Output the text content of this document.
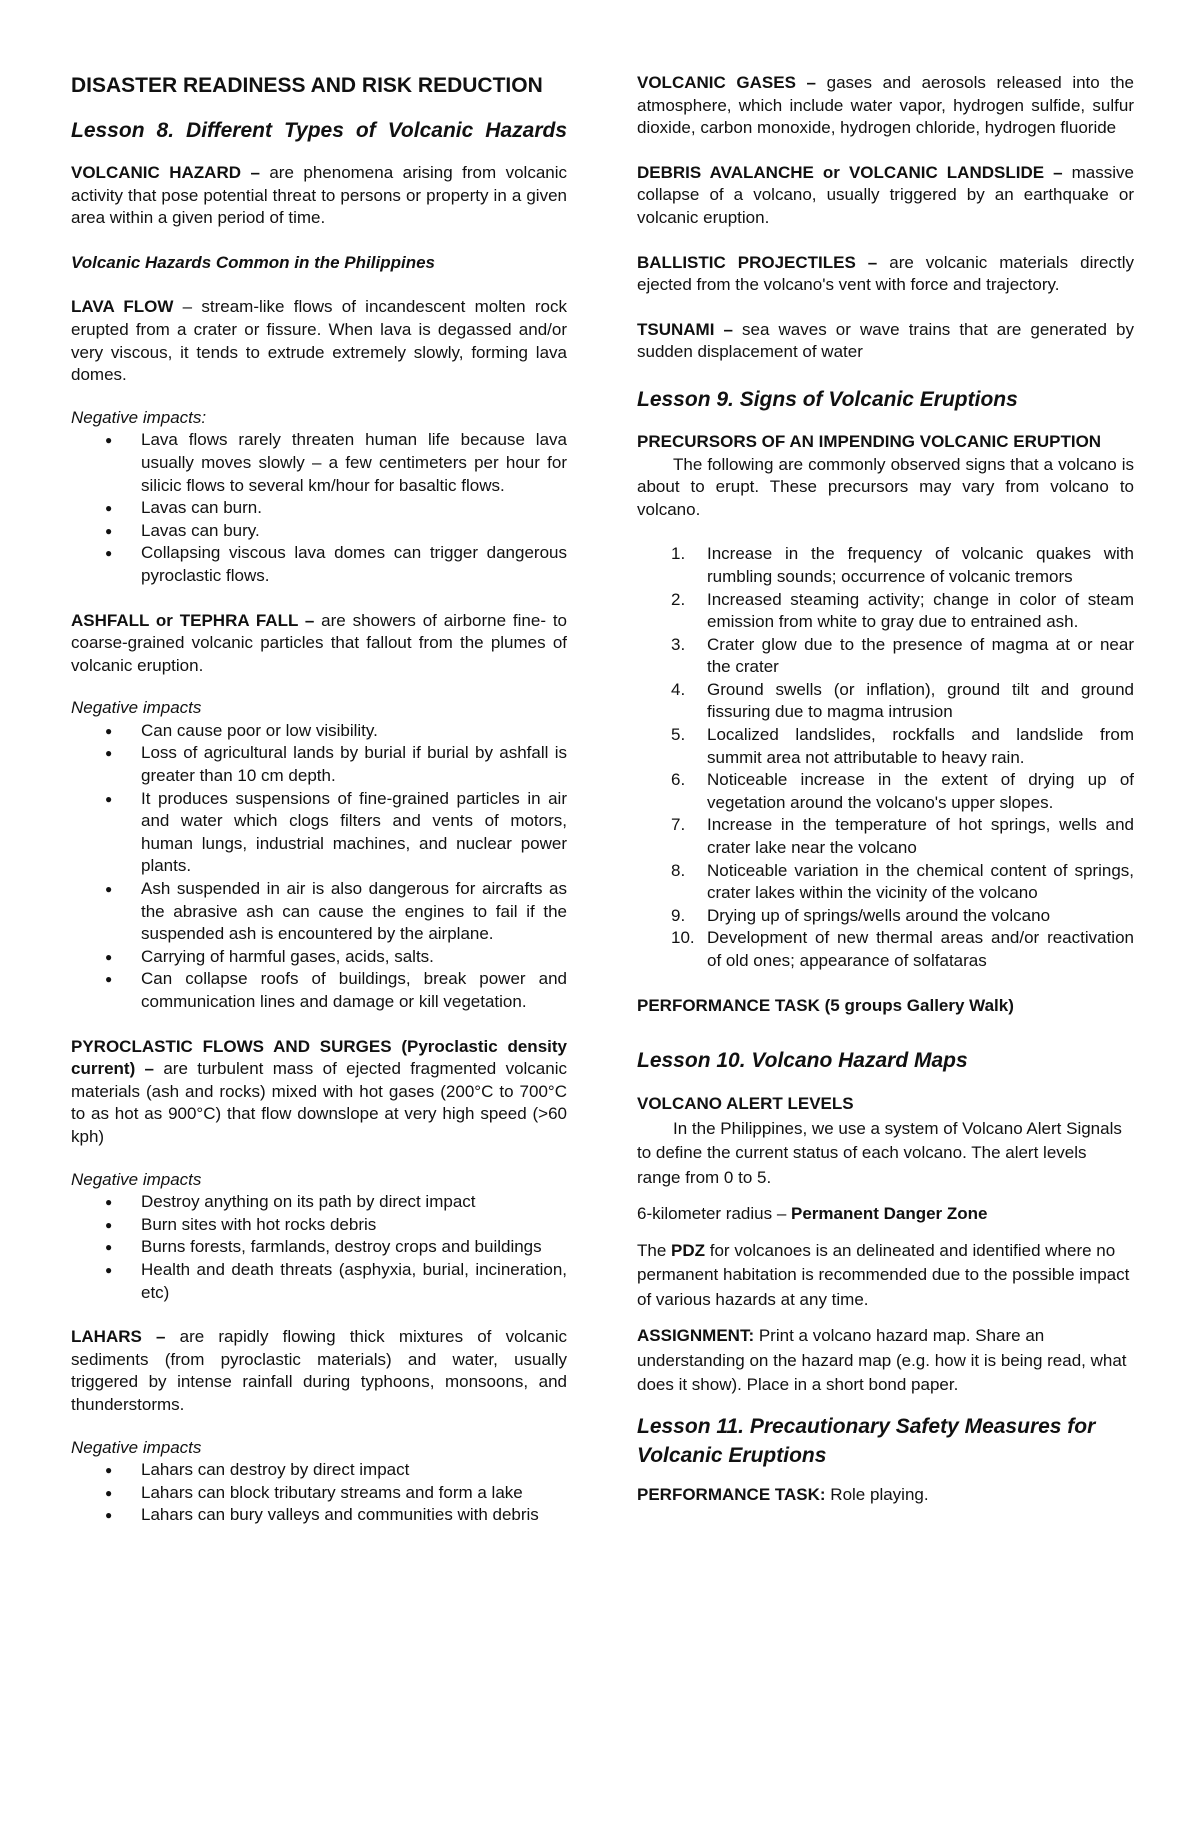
DISASTER READINESS AND RISK REDUCTION
Lesson 8. Different Types of Volcanic Hazards

VOLCANIC HAZARD – are phenomena arising from volcanic activity that pose potential threat to persons or property in a given area within a given period of time.

Volcanic Hazards Common in the Philippines

LAVA FLOW – stream-like flows of incandescent molten rock erupted from a crater or fissure. When lava is degassed and/or very viscous, it tends to extrude extremely slowly, forming lava domes.

Negative impacts:

● Lava flows rarely threaten human life because lava usually moves slowly – a few centimeters per hour for silicic flows to several km/hour for basaltic flows.
● Lavas can burn.
● Lavas can bury.
● Collapsing viscous lava domes can trigger dangerous pyroclastic flows.

ASHFALL or TEPHRA FALL – are showers of airborne fine- to coarse-grained volcanic particles that fallout from the plumes of volcanic eruption.

Negative impacts

● Can cause poor or low visibility.
● Loss of agricultural lands by burial if burial by ashfall is greater than 10 cm depth.
● It produces suspensions of fine-grained particles in air and water which clogs filters and vents of motors, human lungs, industrial machines, and nuclear power plants.
● Ash suspended in air is also dangerous for aircrafts as the abrasive ash can cause the engines to fail if the suspended ash is encountered by the airplane.
● Carrying of harmful gases, acids, salts.
● Can collapse roofs of buildings, break power and communication lines and damage or kill vegetation.

PYROCLASTIC FLOWS AND SURGES (Pyroclastic density current) – are turbulent mass of ejected fragmented volcanic materials (ash and rocks) mixed with hot gases (200°C to 700°C to as hot as 900°C) that flow downslope at very high speed (>60 kph)

Negative impacts

● Destroy anything on its path by direct impact
● Burn sites with hot rocks debris
● Burns forests, farmlands, destroy crops and buildings
● Health and death threats (asphyxia, burial, incineration, etc)

LAHARS – are rapidly flowing thick mixtures of volcanic sediments (from pyroclastic materials) and water, usually triggered by intense rainfall during typhoons, monsoons, and thunderstorms.

Negative impacts

● Lahars can destroy by direct impact
● Lahars can block tributary streams and form a lake
● Lahars can bury valleys and communities with debris

VOLCANIC GASES – gases and aerosols released into the atmosphere, which include water vapor, hydrogen sulfide, sulfur dioxide, carbon monoxide, hydrogen chloride, hydrogen fluoride

DEBRIS AVALANCHE or VOLCANIC LANDSLIDE – massive collapse of a volcano, usually triggered by an earthquake or volcanic eruption.

BALLISTIC PROJECTILES – are volcanic materials directly ejected from the volcano's vent with force and trajectory.

TSUNAMI – sea waves or wave trains that are generated by sudden displacement of water

Lesson 9. Signs of Volcanic Eruptions

PRECURSORS OF AN IMPENDING VOLCANIC ERUPTION

The following are commonly observed signs that a volcano is about to erupt. These precursors may vary from volcano to volcano.

1. Increase in the frequency of volcanic quakes with rumbling sounds; occurrence of volcanic tremors
2. Increased steaming activity; change in color of steam emission from white to gray due to entrained ash.
3. Crater glow due to the presence of magma at or near the crater
4. Ground swells (or inflation), ground tilt and ground fissuring due to magma intrusion
5. Localized landslides, rockfalls and landslide from summit area not attributable to heavy rain.
6. Noticeable increase in the extent of drying up of vegetation around the volcano's upper slopes.
7. Increase in the temperature of hot springs, wells and crater lake near the volcano
8. Noticeable variation in the chemical content of springs, crater lakes within the vicinity of the volcano
9. Drying up of springs/wells around the volcano
10. Development of new thermal areas and/or reactivation of old ones; appearance of solfataras

PERFORMANCE TASK (5 groups Gallery Walk)

Lesson 10. Volcano Hazard Maps

VOLCANO ALERT LEVELS

In the Philippines, we use a system of Volcano Alert Signals to define the current status of each volcano. The alert levels range from 0 to 5.

6-kilometer radius – Permanent Danger Zone

The PDZ for volcanoes is an delineated and identified where no permanent habitation is recommended due to the possible impact of various hazards at any time.

ASSIGNMENT: Print a volcano hazard map. Share an understanding on the hazard map (e.g. how it is being read, what does it show). Place in a short bond paper.

Lesson 11. Precautionary Safety Measures for Volcanic Eruptions

PERFORMANCE TASK: Role playing.
